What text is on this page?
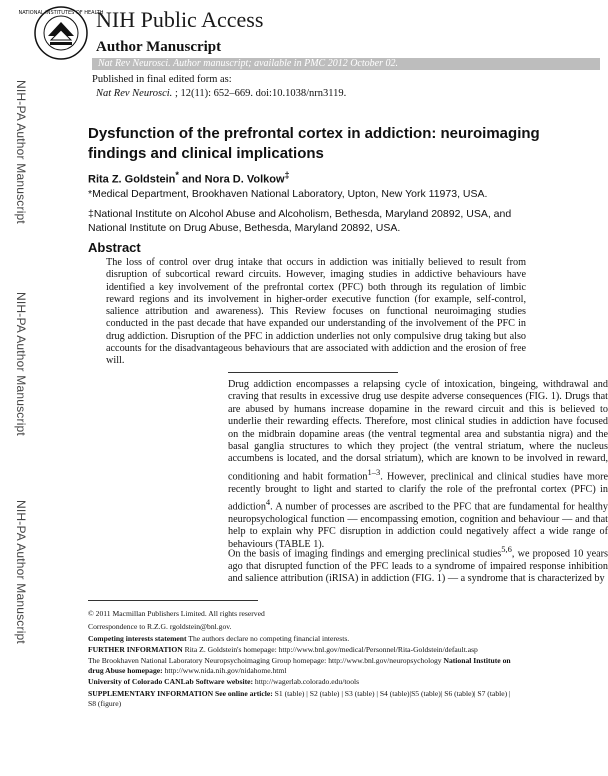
NATIONAL INSTITUTES OF HEALTH
NIH Public Access
Author Manuscript
Nat Rev Neurosci. Author manuscript; available in PMC 2012 October 02.
Published in final edited form as:
Nat Rev Neurosci. ; 12(11): 652–669. doi:10.1038/nrn3119.
NIH-PA Author Manuscript
NIH-PA Author Manuscript
NIH-PA Author Manuscript
Dysfunction of the prefrontal cortex in addiction: neuroimaging findings and clinical implications
Rita Z. Goldstein* and Nora D. Volkow‡
*Medical Department, Brookhaven National Laboratory, Upton, New York 11973, USA.
‡National Institute on Alcohol Abuse and Alcoholism, Bethesda, Maryland 20892, USA, and National Institute on Drug Abuse, Bethesda, Maryland 20892, USA.
Abstract
The loss of control over drug intake that occurs in addiction was initially believed to result from disruption of subcortical reward circuits. However, imaging studies in addictive behaviours have identified a key involvement of the prefrontal cortex (PFC) both through its regulation of limbic reward regions and its involvement in higher-order executive function (for example, self-control, salience attribution and awareness). This Review focuses on functional neuroimaging studies conducted in the past decade that have expanded our understanding of the involvement of the PFC in drug addiction. Disruption of the PFC in addiction underlies not only compulsive drug taking but also accounts for the disadvantageous behaviours that are associated with addiction and the erosion of free will.
Drug addiction encompasses a relapsing cycle of intoxication, bingeing, withdrawal and craving that results in excessive drug use despite adverse consequences (FIG. 1). Drugs that are abused by humans increase dopamine in the reward circuit and this is believed to underlie their rewarding effects. Therefore, most clinical studies in addiction have focused on the midbrain dopamine areas (the ventral tegmental area and substantia nigra) and the basal ganglia structures to which they project (the ventral striatum, where the nucleus accumbens is located, and the dorsal striatum), which are known to be involved in reward, conditioning and habit formation$^{1-3}$. However, preclinical and clinical studies have more recently brought to light and started to clarify the role of the prefrontal cortex (PFC) in addiction$^4$. A number of processes are ascribed to the PFC that are fundamental for healthy neuropsychological function — encompassing emotion, cognition and behaviour — and that help to explain why PFC disruption in addiction could negatively affect a wide range of behaviours (TABLE 1).
On the basis of imaging findings and emerging preclinical studies$^{5,6}$, we proposed 10 years ago that disrupted function of the PFC leads to a syndrome of impaired response inhibition and salience attribution (iRISA) in addiction (FIG. 1) — a syndrome that is characterized by
© 2011 Macmillan Publishers Limited. All rights reserved
Correspondence to R.Z.G. rgoldstein@bnl.gov.
Competing interests statement The authors declare no competing financial interests.
FURTHER INFORMATION Rita Z. Goldstein's homepage: http://www.bnl.gov/medical/Personnel/Rita-Goldstein/default.asp
The Brookhaven National Laboratory Neuropsychoimaging Group homepage: http://www.bnl.gov/neuropsychology National Institute on drug Abuse homepage: http://www.nida.nih.gov/nidahome.html
University of Colorado CANLab Software website: http://wagerlab.colorado.edu/tools
SUPPLEMENTARY INFORMATION See online article: S1 (table) | S2 (table) | S3 (table) | S4 (table)|S5 (table)| S6 (table)| S7 (table) | S8 (figure)
